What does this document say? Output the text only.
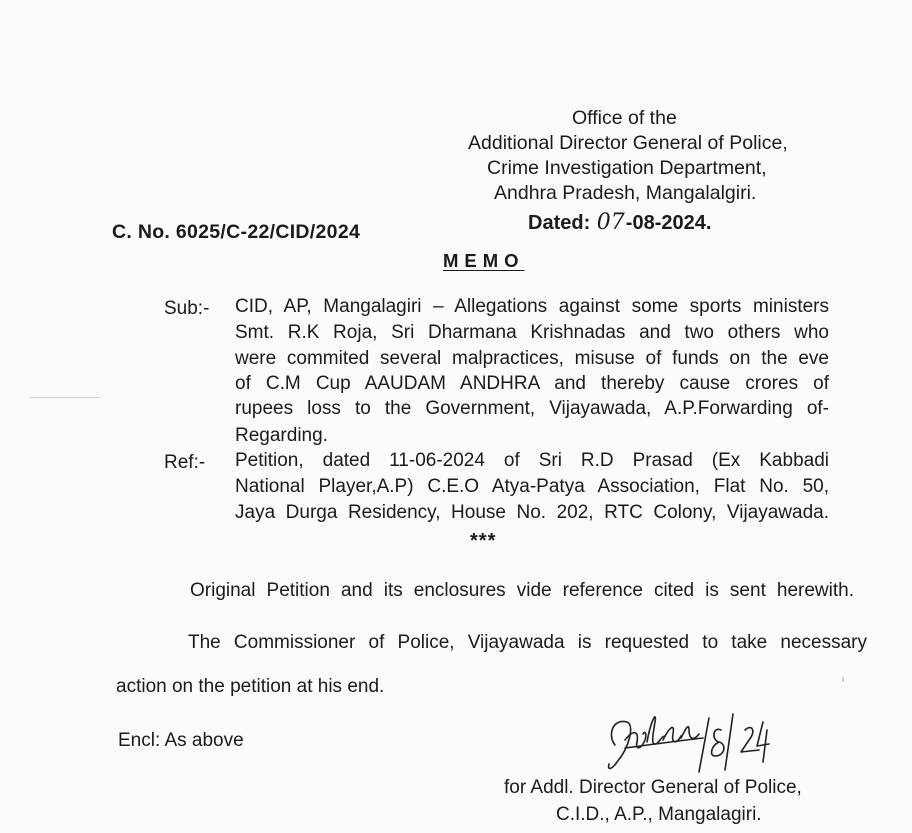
Office of the
Additional Director General of Police,
Crime Investigation Department,
Andhra Pradesh, Mangalalgiri.
Dated: 07-08-2024.
C. No. 6025/C-22/CID/2024
MEMO
Sub:- CID, AP, Mangalagiri – Allegations against some sports ministers
Smt. R.K Roja, Sri Dharmana Krishnadas and two others who
were commited several malpractices, misuse of funds on the eve
of C.M Cup AAUDAM ANDHRA and thereby cause crores of
rupees loss to the Government, Vijayawada, A.P.Forwarding of-
Regarding.
Ref:- Petition, dated 11-06-2024 of Sri R.D Prasad (Ex Kabbadi
National Player,A.P) C.E.O Atya-Patya Association, Flat No. 50,
Jaya Durga Residency, House No. 202, RTC Colony, Vijayawada.
***
Original Petition and its enclosures vide reference cited is sent herewith.
The Commissioner of Police, Vijayawada is requested to take necessary
action on the petition at his end.
Encl: As above
for Addl. Director General of Police,
C.I.D., A.P., Mangalagiri.
